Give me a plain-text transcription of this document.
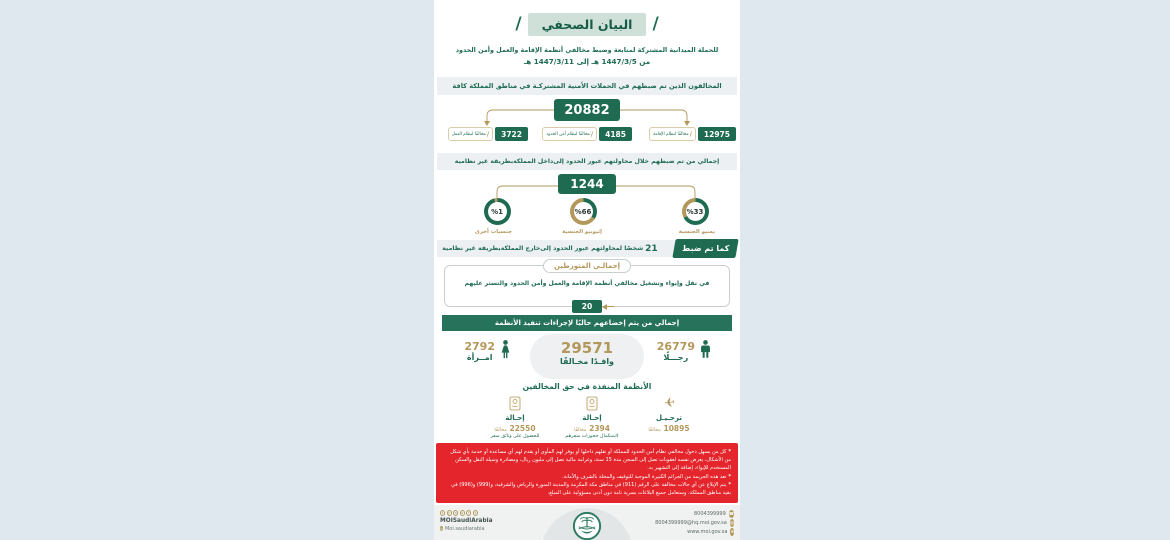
/
البيان الصحفي
/
للحملة الميدانية المشتركة لمتابعة وضبط مخالفي أنظمة الإقامة والعمل وأمن الحدود
من 1447/3/5 هـ إلى 1447/3/11 هـ
المخالفون الذين تم ضبطهم في الحملات الأمنية المشتركـة في مناطق المملكة كافة
20882
12975
/
مخالفًا لنظام الإقامة
4185
/
مخالفًا لنظام أمن الحدود
3722
/
مخالفًا لنظام العمل
إجمالي من تم ضبطهم خلال محاولتهم عبور الحدود إلى
داخل المملكة
بطريقة غير نظامية
1244
%33
يمنيو الجنسية
%66
إثيوبيو الجنسية
%1
جنسيات أخرى
21
شخصًا لمحاولتهم عبور الحدود إلى
خارج المملكة
بطريقة غير نظامية	كما تم ضبط
إجمالـي المتورطين
في نقل وإيواء وتشغيل مخالفي أنظمة الإقامة والعمل وأمن الحدود والتستر عليهم
20
إجمالي من يتم إخضاعهم حاليًا لإجراءات تنفيذ الأنظمة
29571
وافـدًا مخـالفًا
26779
رجـــلًا
2792
امــرأة
الأنظمة المنفذة في حق المخالفين
إحـالة
22550 مخالفًا
للحصول على وثائق سفر
إحـالة
2394 مخالفًا
لاستكمال حجوزات سفرهم
✈
ترحـيـل
10895 مخالفًا
*كل من يسهل دخول مخالفي نظام أمن الحدود للمملكة أو نقلهم داخلها أو يوفر لهم المأوى أو يقدم لهم أي مساعدة أو خدمة بأي شكل من الأشكال، يعرض نفسه لعقوبات تصل إلى السجن مدة 15 سنة، وغرامة مالية تصل إلى مليون ريال، ومصادرة وسيلة النقل والسكن المستخدم للإيواء، إضافة إلى التشهير به.
*تعد هذه الجريمة من الجرائم الكبيرة الموجبة للتوقيف والمخلة بالشرف والأمانة.
*يتم الإبلاغ عن أي حالات مخالفة على الرقم (911) في مناطق مكة المكرمة والمدينة المنورة والرياض والشرقية، و(999) و(996) في بقية مناطق المملكة، وستعامل جميع البلاغات بسرية تامة دون أدنى مسؤولية على المبلغ.
t	y	s	o	f	x
MOISaudiArabia
◎ Moi.saudiarabia
8004399999 ☎
8004399999@hq.moi.gov.sa @
www.moi.gov.sa ⊕
